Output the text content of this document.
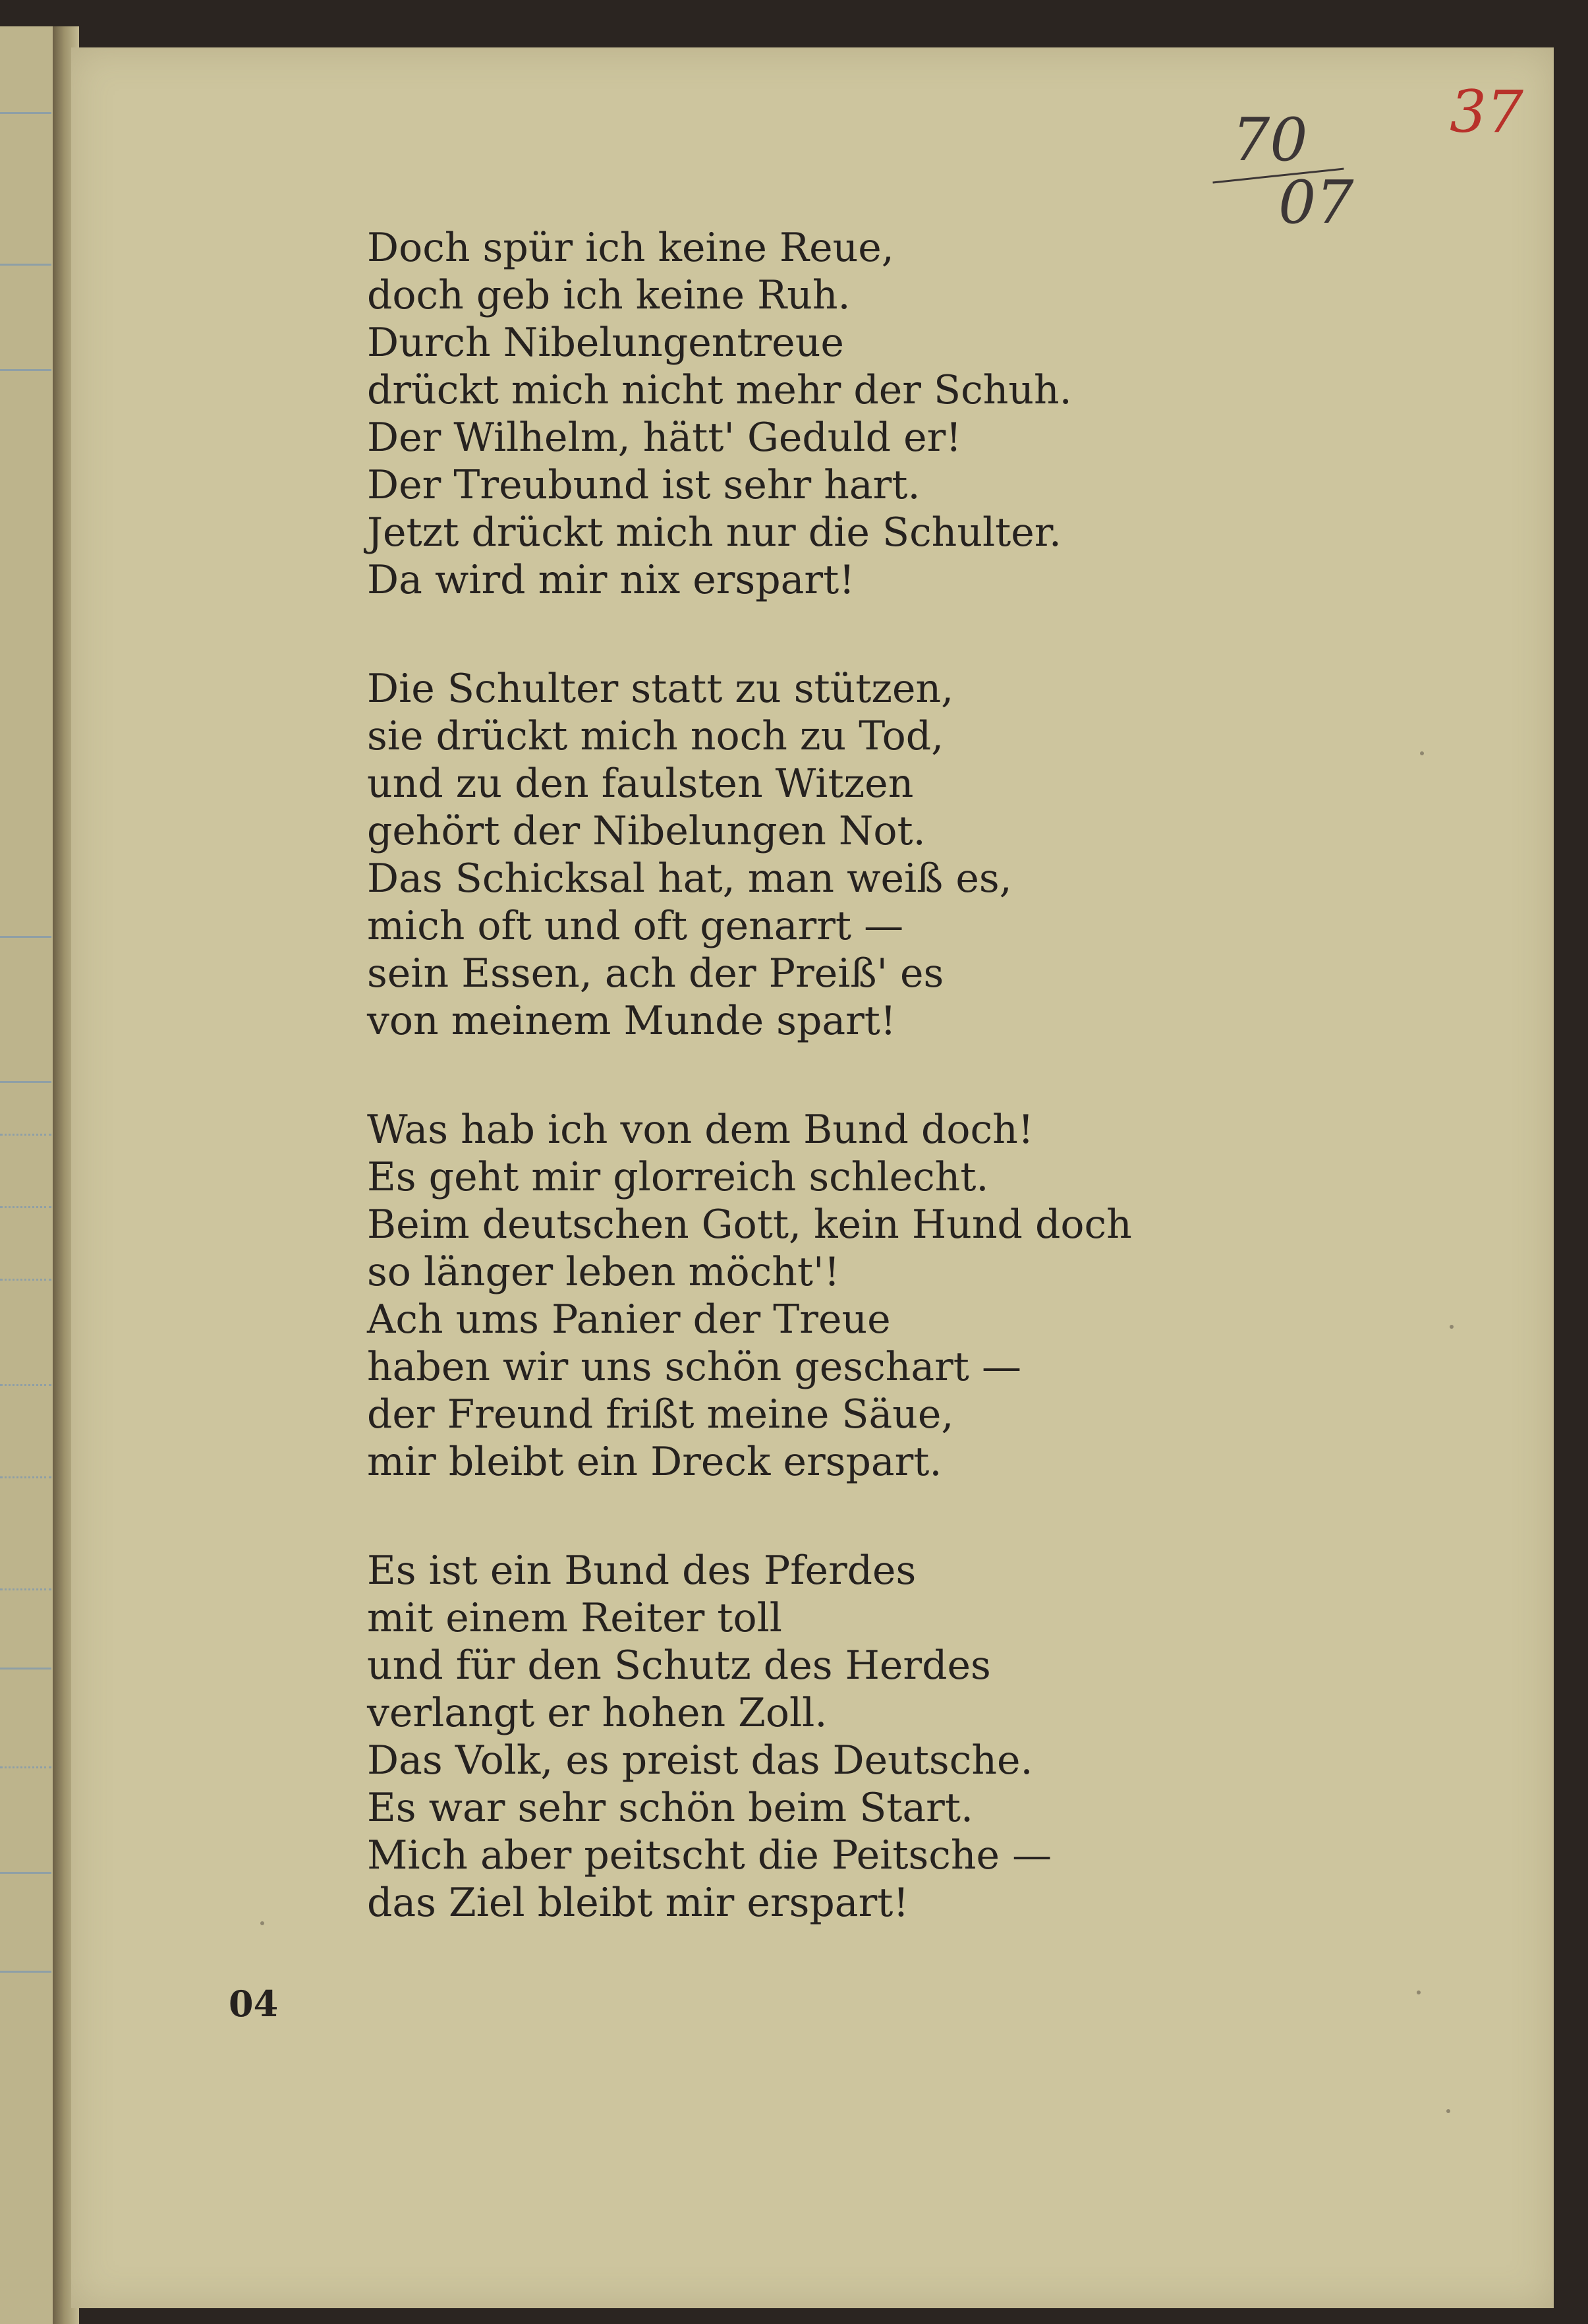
37

70
07
Doch spür ich keine Reue,
doch geb ich keine Ruh.
Durch Nibelungentreue
drückt mich nicht mehr der Schuh.
Der Wilhelm, hätt' Geduld er!
Der Treubund ist sehr hart.
Jetzt drückt mich nur die Schulter.
Da wird mir nix erspart!
Die Schulter statt zu stützen,
sie drückt mich noch zu Tod,
und zu den faulsten Witzen
gehört der Nibelungen Not.
Das Schicksal hat, man weiß es,
mich oft und oft genarrt —
sein Essen, ach der Preiß' es
von meinem Munde spart!
Was hab ich von dem Bund doch!
Es geht mir glorreich schlecht.
Beim deutschen Gott, kein Hund doch
so länger leben möcht'!
Ach ums Panier der Treue
haben wir uns schön geschart —
der Freund frißt meine Säue,
mir bleibt ein Dreck erspart.
Es ist ein Bund des Pferdes
mit einem Reiter toll
und für den Schutz des Herdes
verlangt er hohen Zoll.
Das Volk, es preist das Deutsche.
Es war sehr schön beim Start.
Mich aber peitscht die Peitsche —
das Ziel bleibt mir erspart!

04
